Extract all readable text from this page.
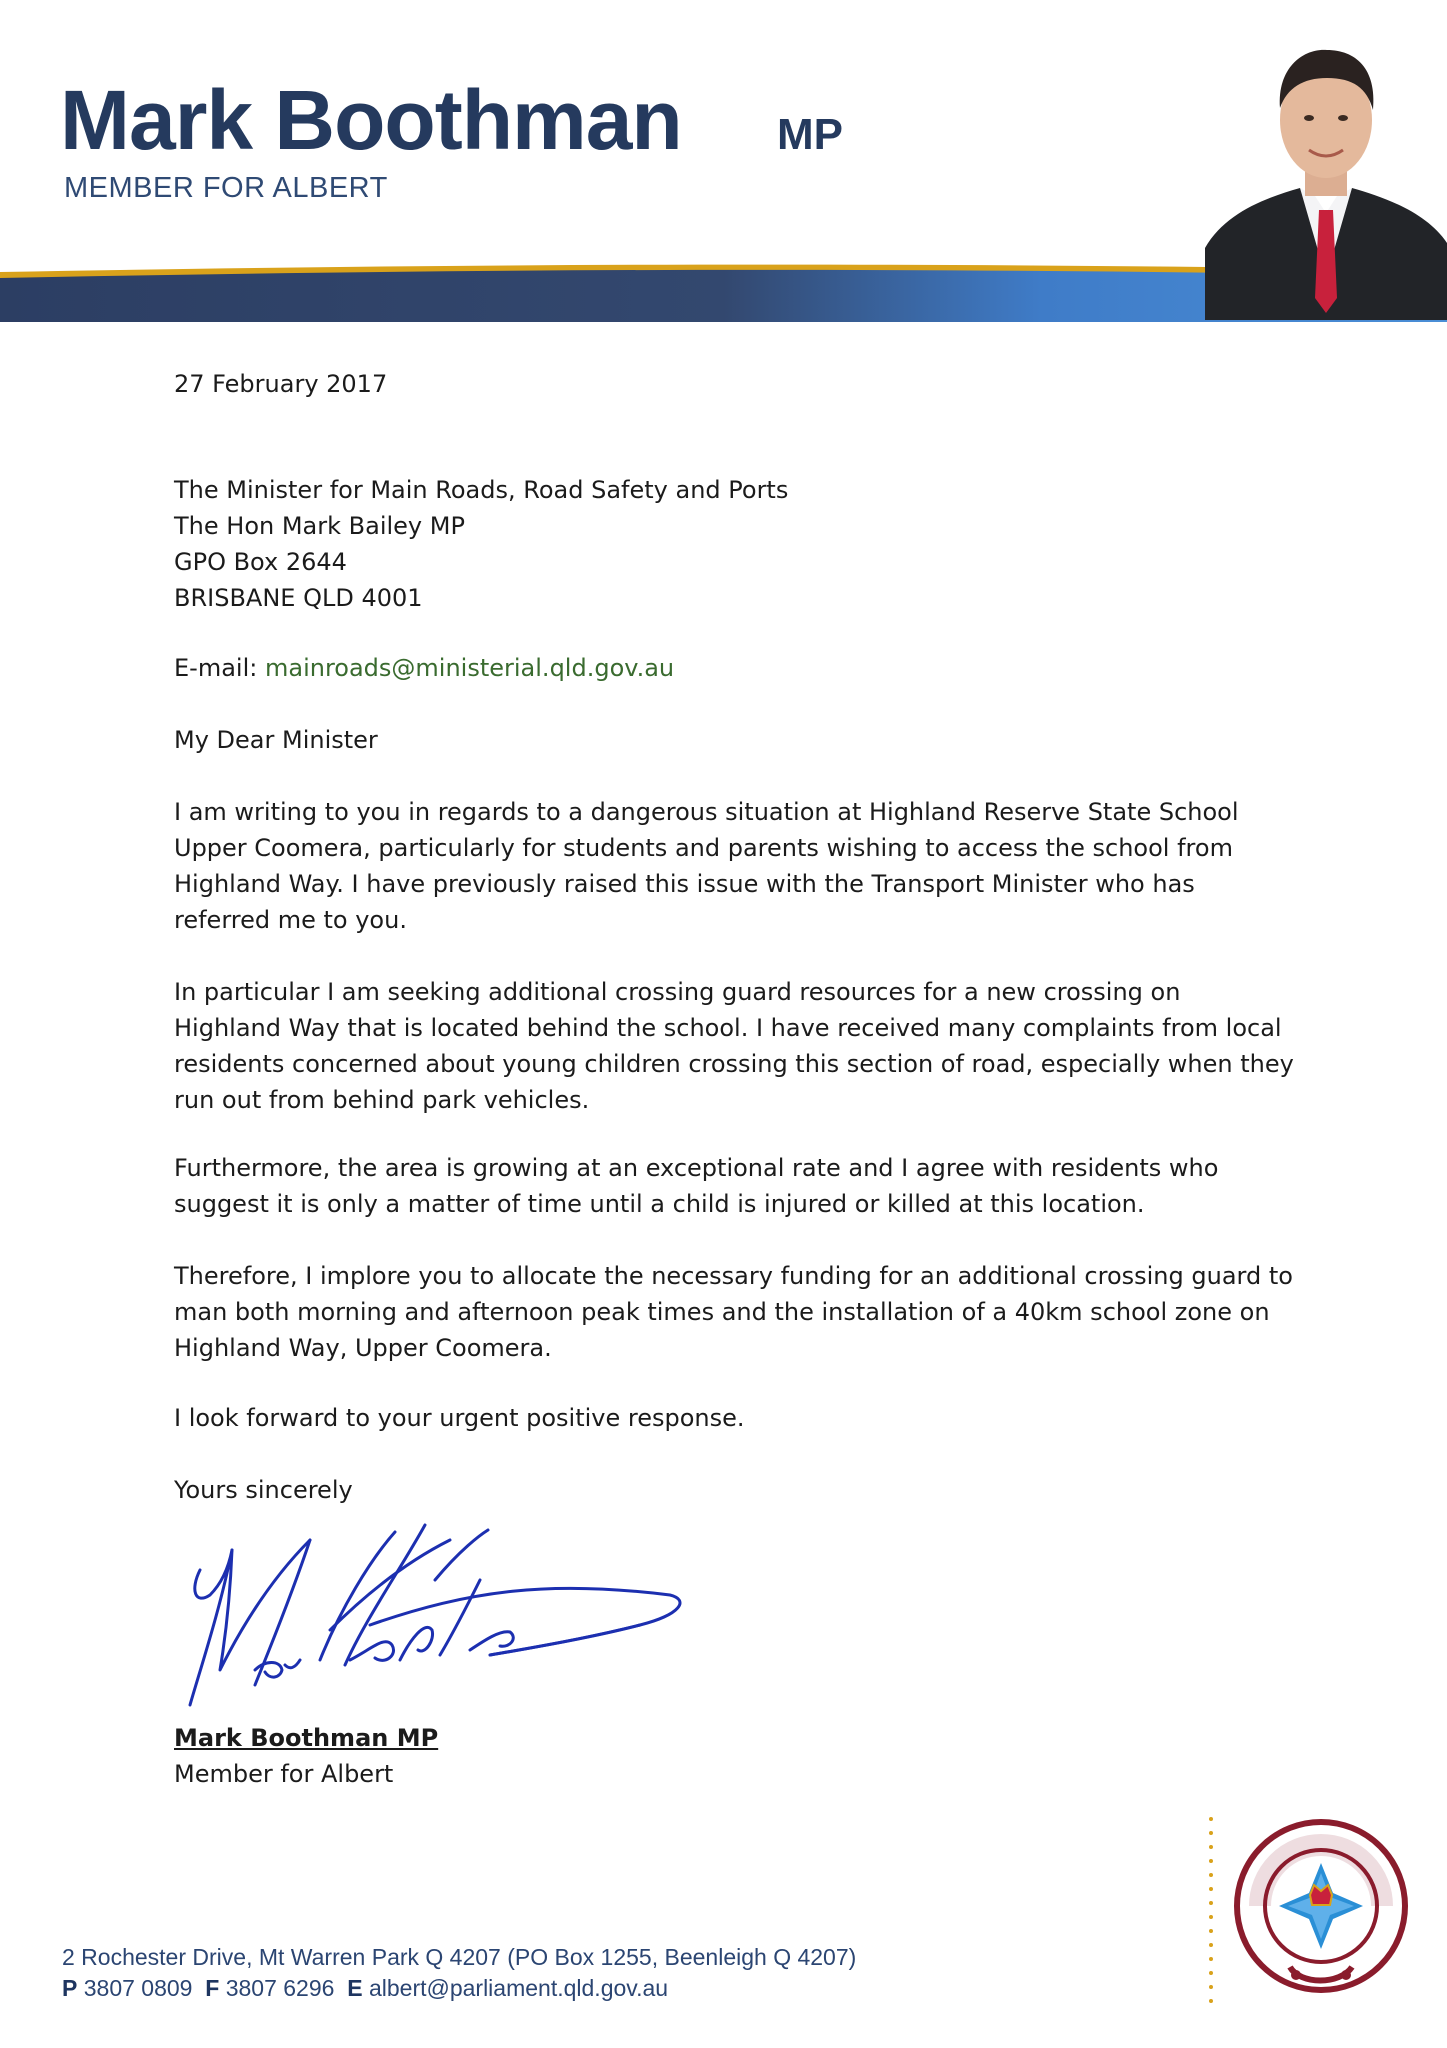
Mark Boothman MP
MEMBER FOR ALBERT
27 February 2017

The Minister for Main Roads, Road Safety and Ports

The Hon Mark Bailey MP

GPO Box 2644

BRISBANE QLD 4001

E-mail: mainroads@ministerial.qld.gov.au
My Dear Minister
I am writing to you in regards to a dangerous situation at Highland Reserve State School Upper Coomera, particularly for students and parents wishing to access the school from Highland Way. I have previously raised this issue with the Transport Minister who has referred me to you.
In particular I am seeking additional crossing guard resources for a new crossing on Highland Way that is located behind the school. I have received many complaints from local residents concerned about young children crossing this section of road, especially when they run out from behind park vehicles.
Furthermore, the area is growing at an exceptional rate and I agree with residents who suggest it is only a matter of time until a child is injured or killed at this location.
Therefore, I implore you to allocate the necessary funding for an additional crossing guard to man both morning and afternoon peak times and the installation of a 40km school zone on Highland Way, Upper Coomera.
I look forward to your urgent positive response.
Yours sincerely

Mark Boothman MP

Member for Albert

2 Rochester Drive, Mt Warren Park Q 4207 (PO Box 1255, Beenleigh Q 4207)
P 3807 0809 F 3807 6296 E albert@parliament.qld.gov.au
